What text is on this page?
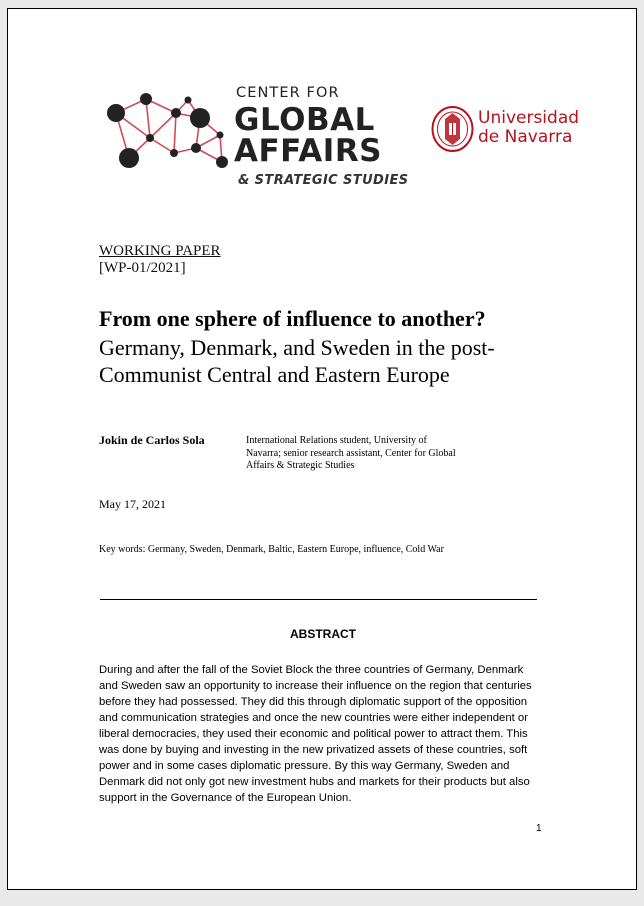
CENTER FOR
GLOBAL
AFFAIRS
& STRATEGIC STUDIES
Universidad
de Navarra
WORKING PAPER
[WP-01/2021]
From one sphere of influence to another?
Germany, Denmark, and Sweden in the post-Communist Central and Eastern Europe
Jokin de Carlos Sola	International Relations student, University of Navarra; senior research assistant, Center for Global Affairs & Strategic Studies
May 17, 2021
Key words: Germany, Sweden, Denmark, Baltic, Eastern Europe, influence, Cold War
ABSTRACT
During and after the fall of the Soviet Block the three countries of Germany, Denmark and Sweden saw an opportunity to increase their influence on the region that centuries before they had possessed. They did this through diplomatic support of the opposition and communication strategies and once the new countries were either independent or liberal democracies, they used their economic and political power to attract them. This was done by buying and investing in the new privatized assets of these countries, soft power and in some cases diplomatic pressure. By this way Germany, Sweden and Denmark did not only got new investment hubs and markets for their products but also support in the Governance of the European Union.
1
